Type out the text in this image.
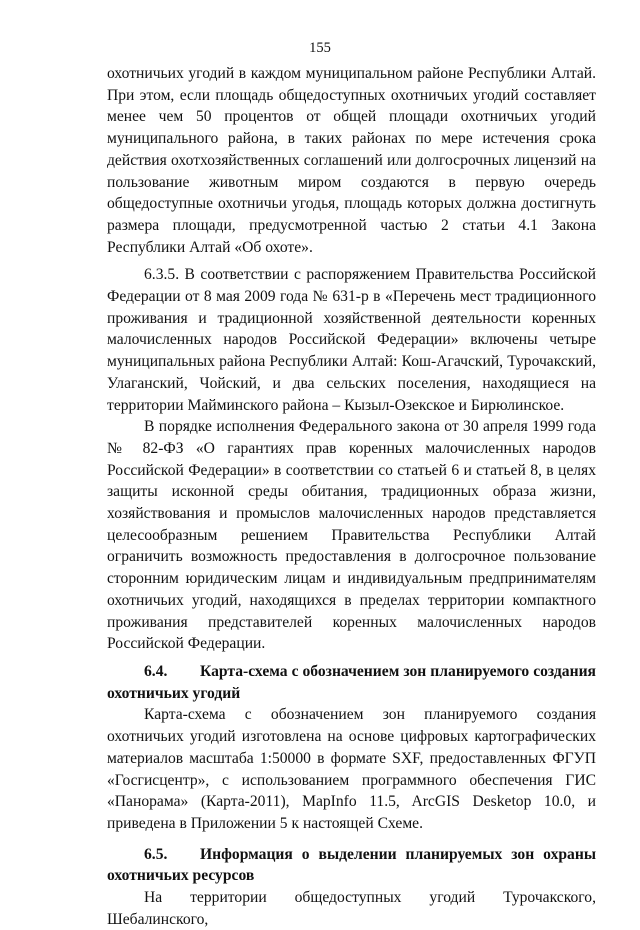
155

охотничьих угодий в каждом муниципальном районе Республики Алтай. При этом, если площадь общедоступных охотничьих угодий составляет менее чем 50 процентов от общей площади охотничьих угодий муниципального района, в таких районах по мере истечения срока действия охотхозяйственных соглашений или долгосрочных лицензий на пользование животным миром создаются в первую очередь общедоступные охотничьи угодья, площадь которых должна достигнуть размера площади, предусмотренной частью 2 статьи 4.1 Закона Республики Алтай «Об охоте».

6.3.5. В соответствии с распоряжением Правительства Российской Федерации от 8 мая 2009 года № 631-р в «Перечень мест традиционного проживания и традиционной хозяйственной деятельности коренных малочисленных народов Российской Федерации» включены четыре муниципальных района Республики Алтай: Кош-Агачский, Турочакский, Улаганский, Чойский, и два сельских поселения, находящиеся на территории Майминского района – Кызыл-Озекское и Бирюлинское.

В порядке исполнения Федерального закона от 30 апреля 1999 года № 82-ФЗ «О гарантиях прав коренных малочисленных народов Российской Федерации» в соответствии со статьей 6 и статьей 8, в целях защиты исконной среды обитания, традиционных образа жизни, хозяйствования и промыслов малочисленных народов представляется целесообразным решением Правительства Республики Алтай ограничить возможность предоставления в долгосрочное пользование сторонним юридическим лицам и индивидуальным предпринимателям охотничьих угодий, находящихся в пределах территории компактного проживания представителей коренных малочисленных народов Российской Федерации.

6.4. Карта-схема с обозначением зон планируемого создания охотничьих угодий

Карта-схема с обозначением зон планируемого создания охотничьих угодий изготовлена на основе цифровых картографических материалов масштаба 1:50000 в формате SXF, предоставленных ФГУП «Госгисцентр», с использованием программного обеспечения ГИС «Панорама» (Карта-2011), MapInfo 11.5, ArcGIS Desketop 10.0, и приведена в Приложении 5 к настоящей Схеме.

6.5. Информация о выделении планируемых зон охраны охотничьих ресурсов

На территории общедоступных угодий Турочакского, Шебалинского,
